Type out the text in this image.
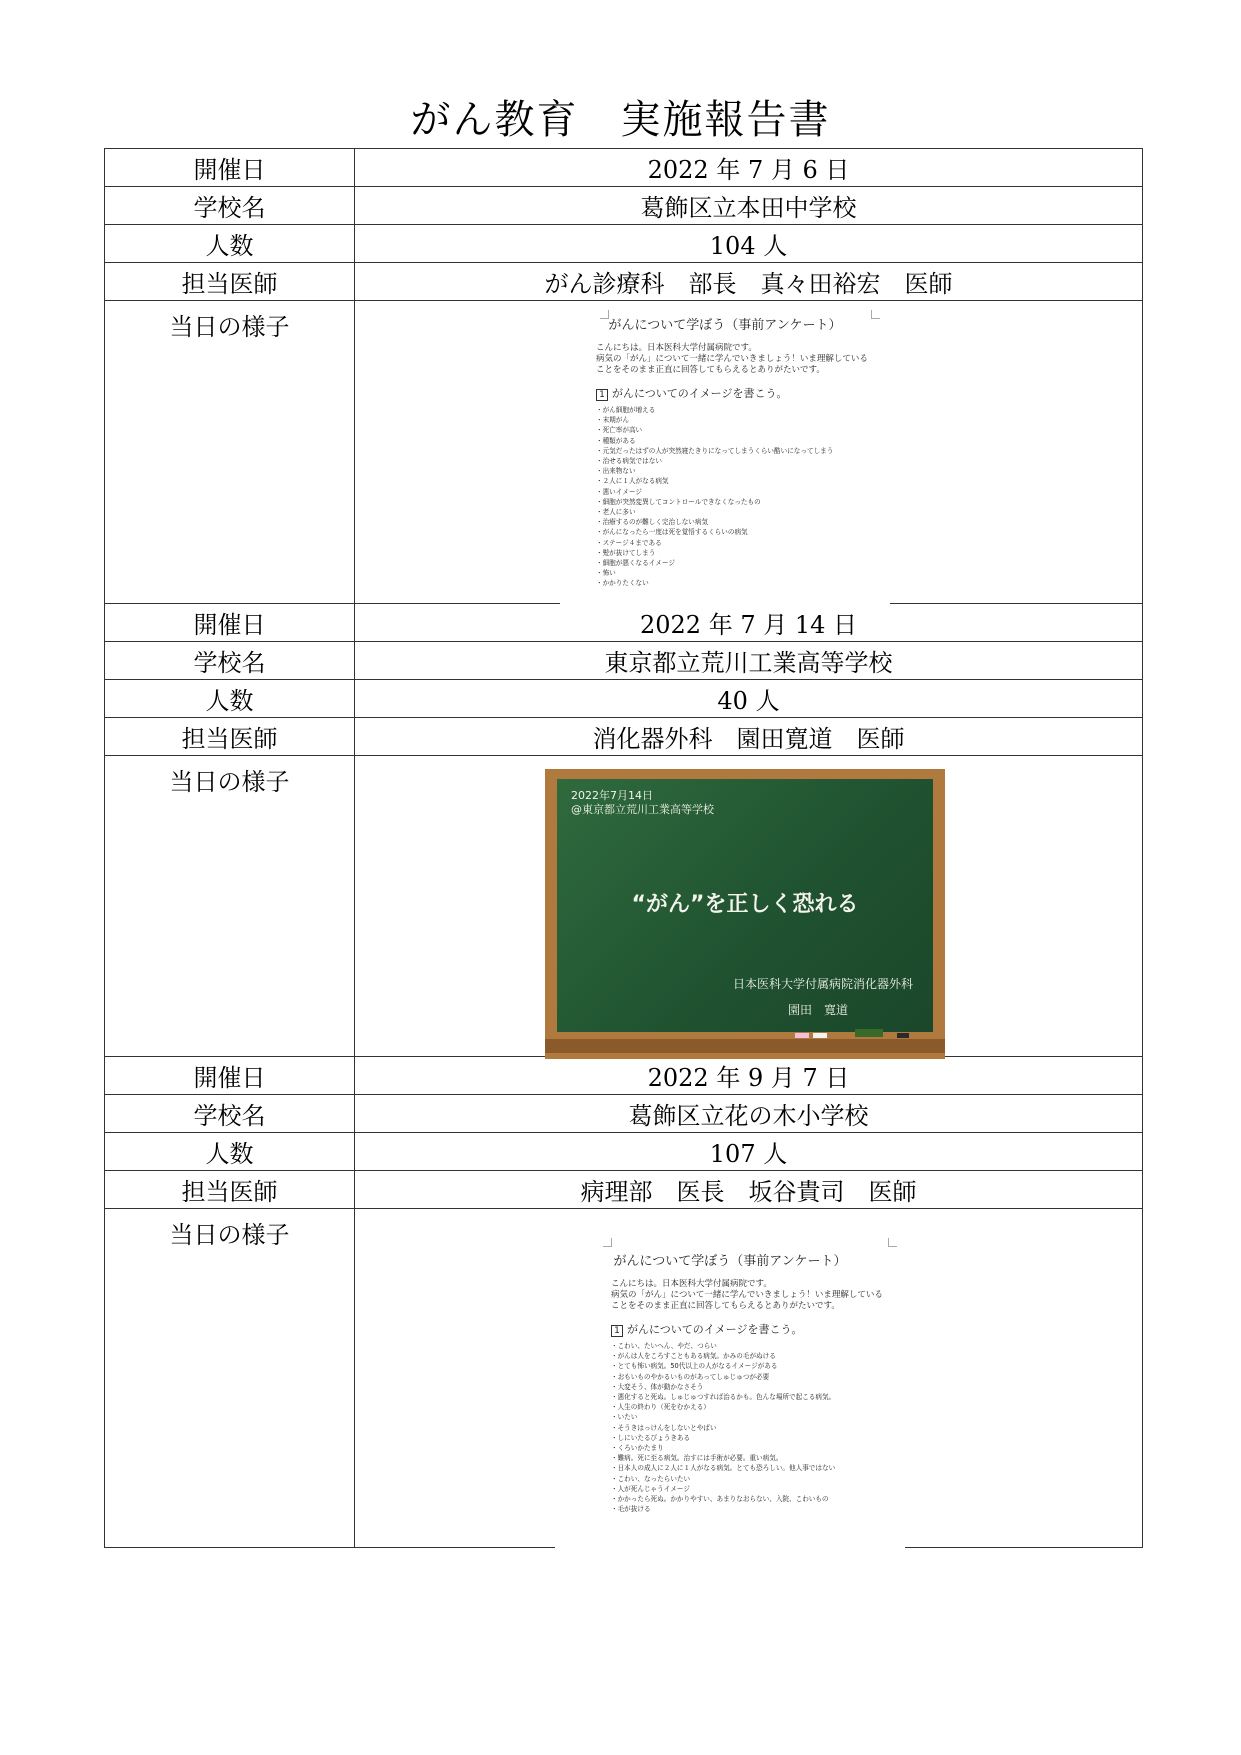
がん教育　実施報告書
開催日	2022 年 7 月 6 日
学校名	葛飾区立本田中学校
人数	104 人
担当医師	がん診療科　部長　真々田裕宏　医師
当日の様子	
開催日	2022 年 7 月 14 日
学校名	東京都立荒川工業高等学校
人数	40 人
担当医師	消化器外科　園田寛道　医師
当日の様子	
開催日	2022 年 9 月 7 日
学校名	葛飾区立花の木小学校
人数	107 人
担当医師	病理部　医長　坂谷貴司　医師
当日の様子	
がんについて学ぼう（事前アンケート）
こんにちは。日本医科大学付属病院です。
病気の「がん」について一緒に学んでいきましょう！いま理解している
ことをそのまま正直に回答してもらえるとありがたいです。
1 がんについてのイメージを書こう。
・がん細胞が増える
・末期がん
・死亡率が高い
・種類がある
・元気だったはずの人が突然寝たきりになってしまうくらい酷いになってしまう
・治せる病気ではない
・出来物ない
・２人に１人がなる病気
・悪いイメージ
・細胞が突然変異してコントロールできなくなったもの
・老人に多い
・治療するのが難しく完治しない病気
・がんになったら一度は死を覚悟するくらいの病気
・ステージ４まである
・髪が抜けてしまう
・細胞が悪くなるイメージ
・怖い
・かかりたくない
2022年7月14日
@東京都立荒川工業高等学校
“がん”を正しく恐れる
日本医科大学付属病院消化器外科
園田　寛道
がんについて学ぼう（事前アンケート）
こんにちは。日本医科大学付属病院です。
病気の「がん」について一緒に学んでいきましょう！いま理解している
ことをそのまま正直に回答してもらえるとありがたいです。
1 がんについてのイメージを書こう。
・こわい、たいへん、やだ、つらい
・がんは人をころすこともある病気。かみの毛がぬける
・とても怖い病気。50代以上の人がなるイメージがある
・おもいものやかるいものがあってしゅじゅつが必要
・大変そう、体が動かなさそう
・悪化すると死ぬ。しゅじゅつすれば治るかも。色んな場所で起こる病気。
・人生の終わり（死をむかえる）
・いたい
・そうきはっけんをしないとやばい
・しにいたるびょうきある
・くろいかたまり
・難病。死に至る病気。治すには手術が必要。重い病気。
・日本人の成人に２人に１人がなる病気。とても恐ろしい。他人事ではない
・こわい、なったらいたい
・人が死んじゃうイメージ
・かかったら死ぬ。かかりやすい、あまりなおらない、入院、こわいもの
・毛が抜ける
